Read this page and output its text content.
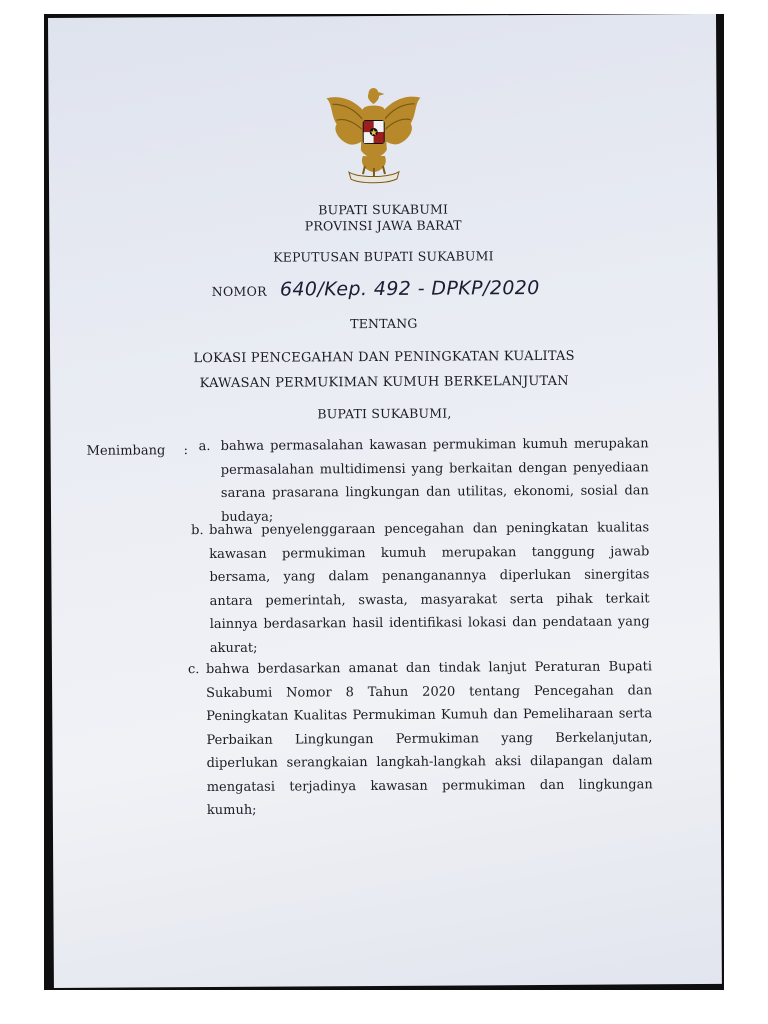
BUPATI SUKABUMI
PROVINSI JAWA BARAT
KEPUTUSAN BUPATI SUKABUMI
NOMOR 640/Kep. 492 - DPKP/2020
TENTANG
LOKASI PENCEGAHAN DAN PENINGKATAN KUALITAS
KAWASAN PERMUKIMAN KUMUH BERKELANJUTAN
BUPATI SUKABUMI,
Menimbang : a. bahwa permasalahan kawasan permukiman kumuh merupakan permasalahan multidimensi yang berkaitan dengan penyediaan sarana prasarana lingkungan dan utilitas, ekonomi, sosial dan budaya;
b. bahwa penyelenggaraan pencegahan dan peningkatan kualitas kawasan permukiman kumuh merupakan tanggung jawab bersama, yang dalam penanganannya diperlukan sinergitas antara pemerintah, swasta, masyarakat serta pihak terkait lainnya berdasarkan hasil identifikasi lokasi dan pendataan yang akurat;
c. bahwa berdasarkan amanat dan tindak lanjut Peraturan Bupati Sukabumi Nomor 8 Tahun 2020 tentang Pencegahan dan Peningkatan Kualitas Permukiman Kumuh dan Pemeliharaan serta Perbaikan Lingkungan Permukiman yang Berkelanjutan, diperlukan serangkaian langkah-langkah aksi dilapangan dalam mengatasi terjadinya kawasan permukiman dan lingkungan kumuh;
